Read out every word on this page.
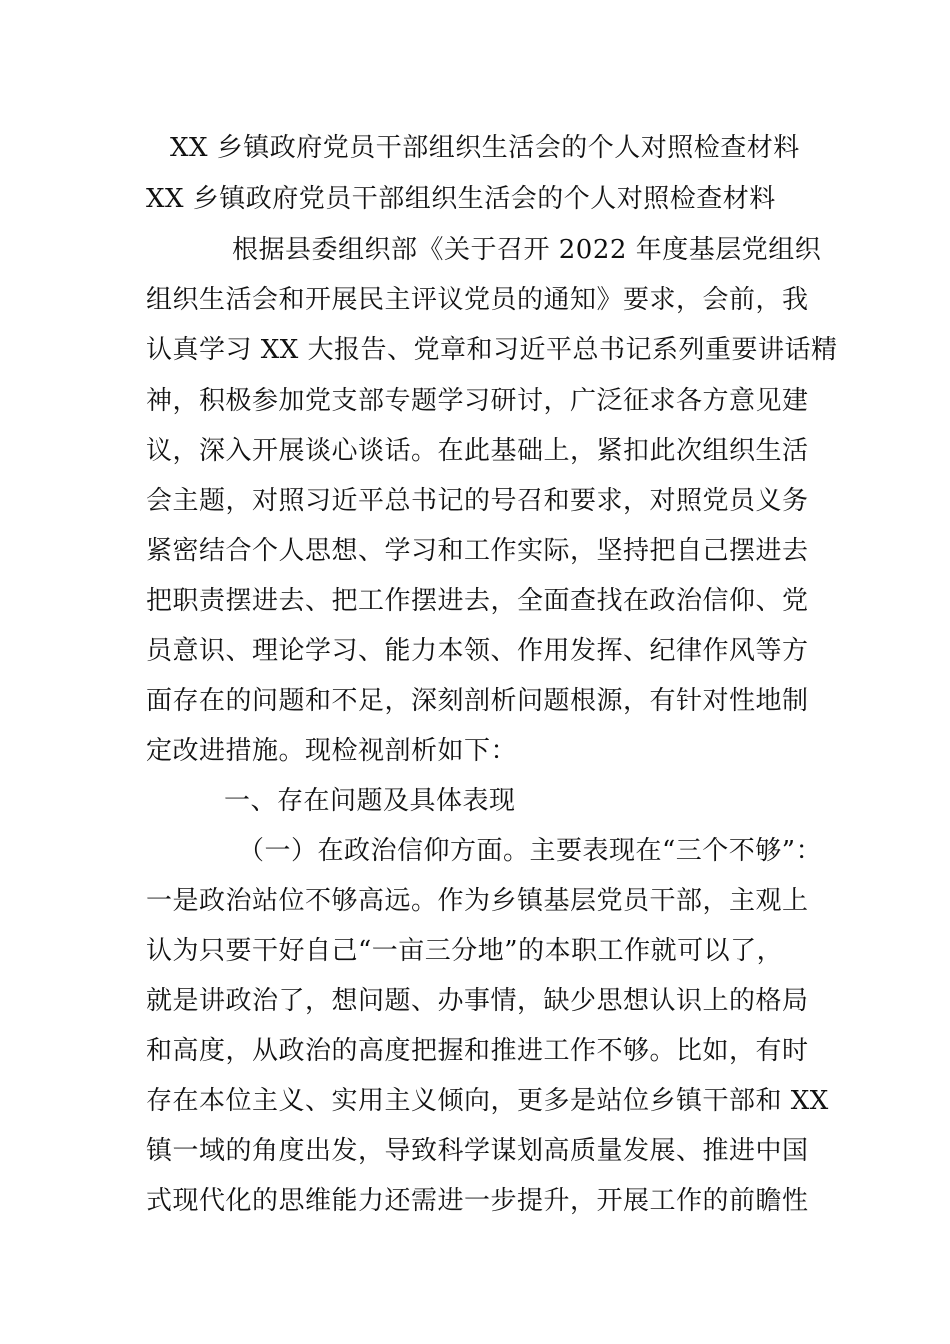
XX 乡镇政府党员干部组织生活会的个人对照检查材料
XX 乡镇政府党员干部组织生活会的个人对照检查材料
根据县委组织部《关于召开 2022 年度基层党组织
组织生活会和开展民主评议党员的通知》要求，会前，我
认真学习 XX 大报告、党章和习近平总书记系列重要讲话精
神，积极参加党支部专题学习研讨，广泛征求各方意见建
议，深入开展谈心谈话。在此基础上，紧扣此次组织生活
会主题，对照习近平总书记的号召和要求，对照党员义务
紧密结合个人思想、学习和工作实际，坚持把自己摆进去
把职责摆进去、把工作摆进去，全面查找在政治信仰、党
员意识、理论学习、能力本领、作用发挥、纪律作风等方
面存在的问题和不足，深刻剖析问题根源，有针对性地制
定改进措施。现检视剖析如下：
一、存在问题及具体表现
（一）在政治信仰方面。主要表现在“三个不够”：
一是政治站位不够高远。作为乡镇基层党员干部，主观上
认为只要干好自己“一亩三分地”的本职工作就可以了，
就是讲政治了，想问题、办事情，缺少思想认识上的格局
和高度，从政治的高度把握和推进工作不够。比如，有时
存在本位主义、实用主义倾向，更多是站位乡镇干部和 XX
镇一域的角度出发，导致科学谋划高质量发展、推进中国
式现代化的思维能力还需进一步提升，开展工作的前瞻性
